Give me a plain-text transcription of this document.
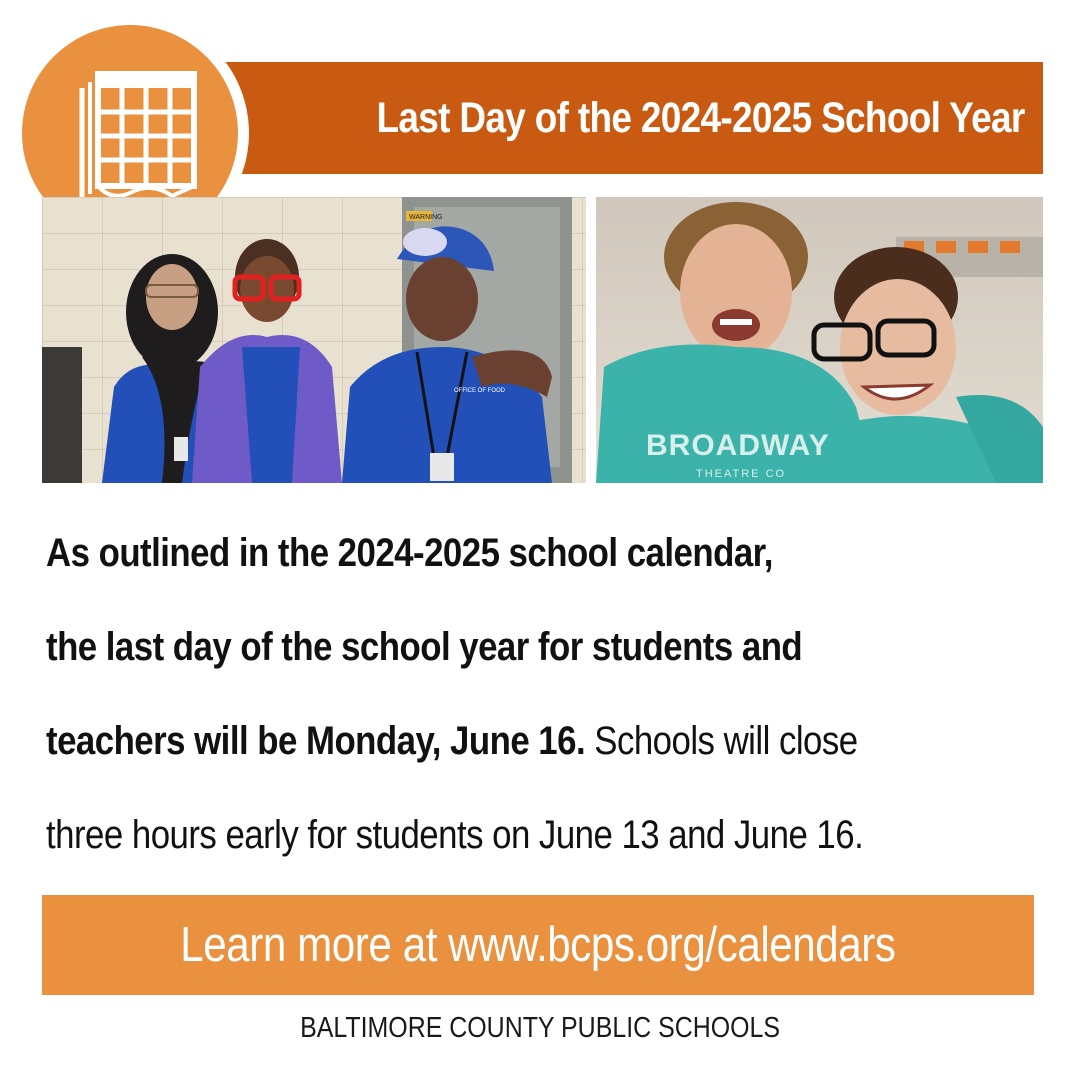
Last Day of the 2024-2025 School Year
WARNING
OFFICE OF FOOD
BROADWAY
THEATRE CO
As outlined in the 2024-2025 school calendar,
the last day of the school year for students and
teachers will be Monday, June 16. Schools will close
three hours early for students on June 13 and June 16.
Learn more at www.bcps.org/calendars
BALTIMORE COUNTY PUBLIC SCHOOLS
